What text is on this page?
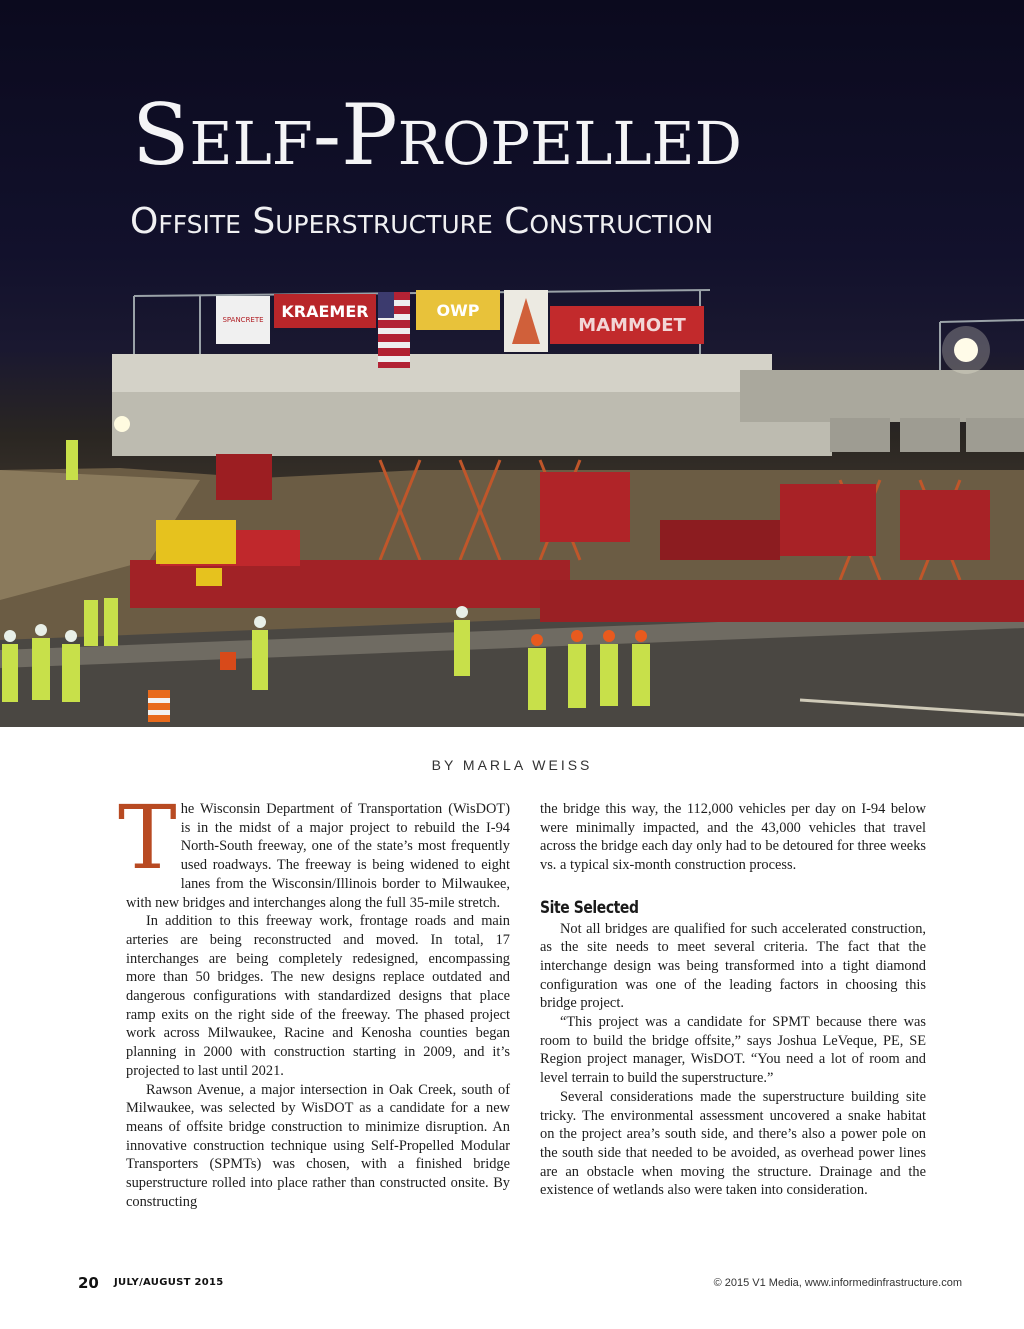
SPANCRETE KRAEMER	OWP
MAMMOET
Self-Propelled
Offsite Superstructure Construction
BY MARLA WEISS

The Wisconsin Department of Transportation (WisDOT) is in the midst of a major project to rebuild the I-94 North-South freeway, one of the state’s most frequently used roadways. The freeway is being widened to eight lanes from the Wisconsin/Illinois border to Milwaukee, with new bridges and interchanges along the full 35-mile stretch.

In addition to this freeway work, frontage roads and main arteries are being reconstructed and moved. In total, 17 interchanges are being completely redesigned, encompassing more than 50 bridges. The new designs replace outdated and dangerous configurations with standardized designs that place ramp exits on the right side of the freeway. The phased project work across Milwaukee, Racine and Kenosha counties began planning in 2000 with construction starting in 2009, and it’s projected to last until 2021.

Rawson Avenue, a major intersection in Oak Creek, south of Milwaukee, was selected by WisDOT as a candidate for a new means of offsite bridge construction to minimize disruption. An innovative construction technique using Self-Propelled Modular Transporters (SPMTs) was chosen, with a finished bridge superstructure rolled into place rather than constructed onsite. By constructing

the bridge this way, the 112,000 vehicles per day on I-94 below were minimally impacted, and the 43,000 vehicles that travel across the bridge each day only had to be detoured for three weeks vs. a typical six-month construction process.

Site Selected

Not all bridges are qualified for such accelerated construction, as the site needs to meet several criteria. The fact that the interchange design was being transformed into a tight diamond configuration was one of the leading factors in choosing this bridge project.

“This project was a candidate for SPMT because there was room to build the bridge offsite,” says Joshua LeVeque, PE, SE Region project manager, WisDOT. “You need a lot of room and level terrain to build the superstructure.”

Several considerations made the superstructure building site tricky. The environmental assessment uncovered a snake habitat on the project area’s south side, and there’s also a power pole on the south side that needed to be avoided, as overhead power lines are an obstacle when moving the structure. Drainage and the existence of wetlands also were taken into consideration.

20 JULY/AUGUST 2015	© 2015 V1 Media, www.informedinfrastructure.com
